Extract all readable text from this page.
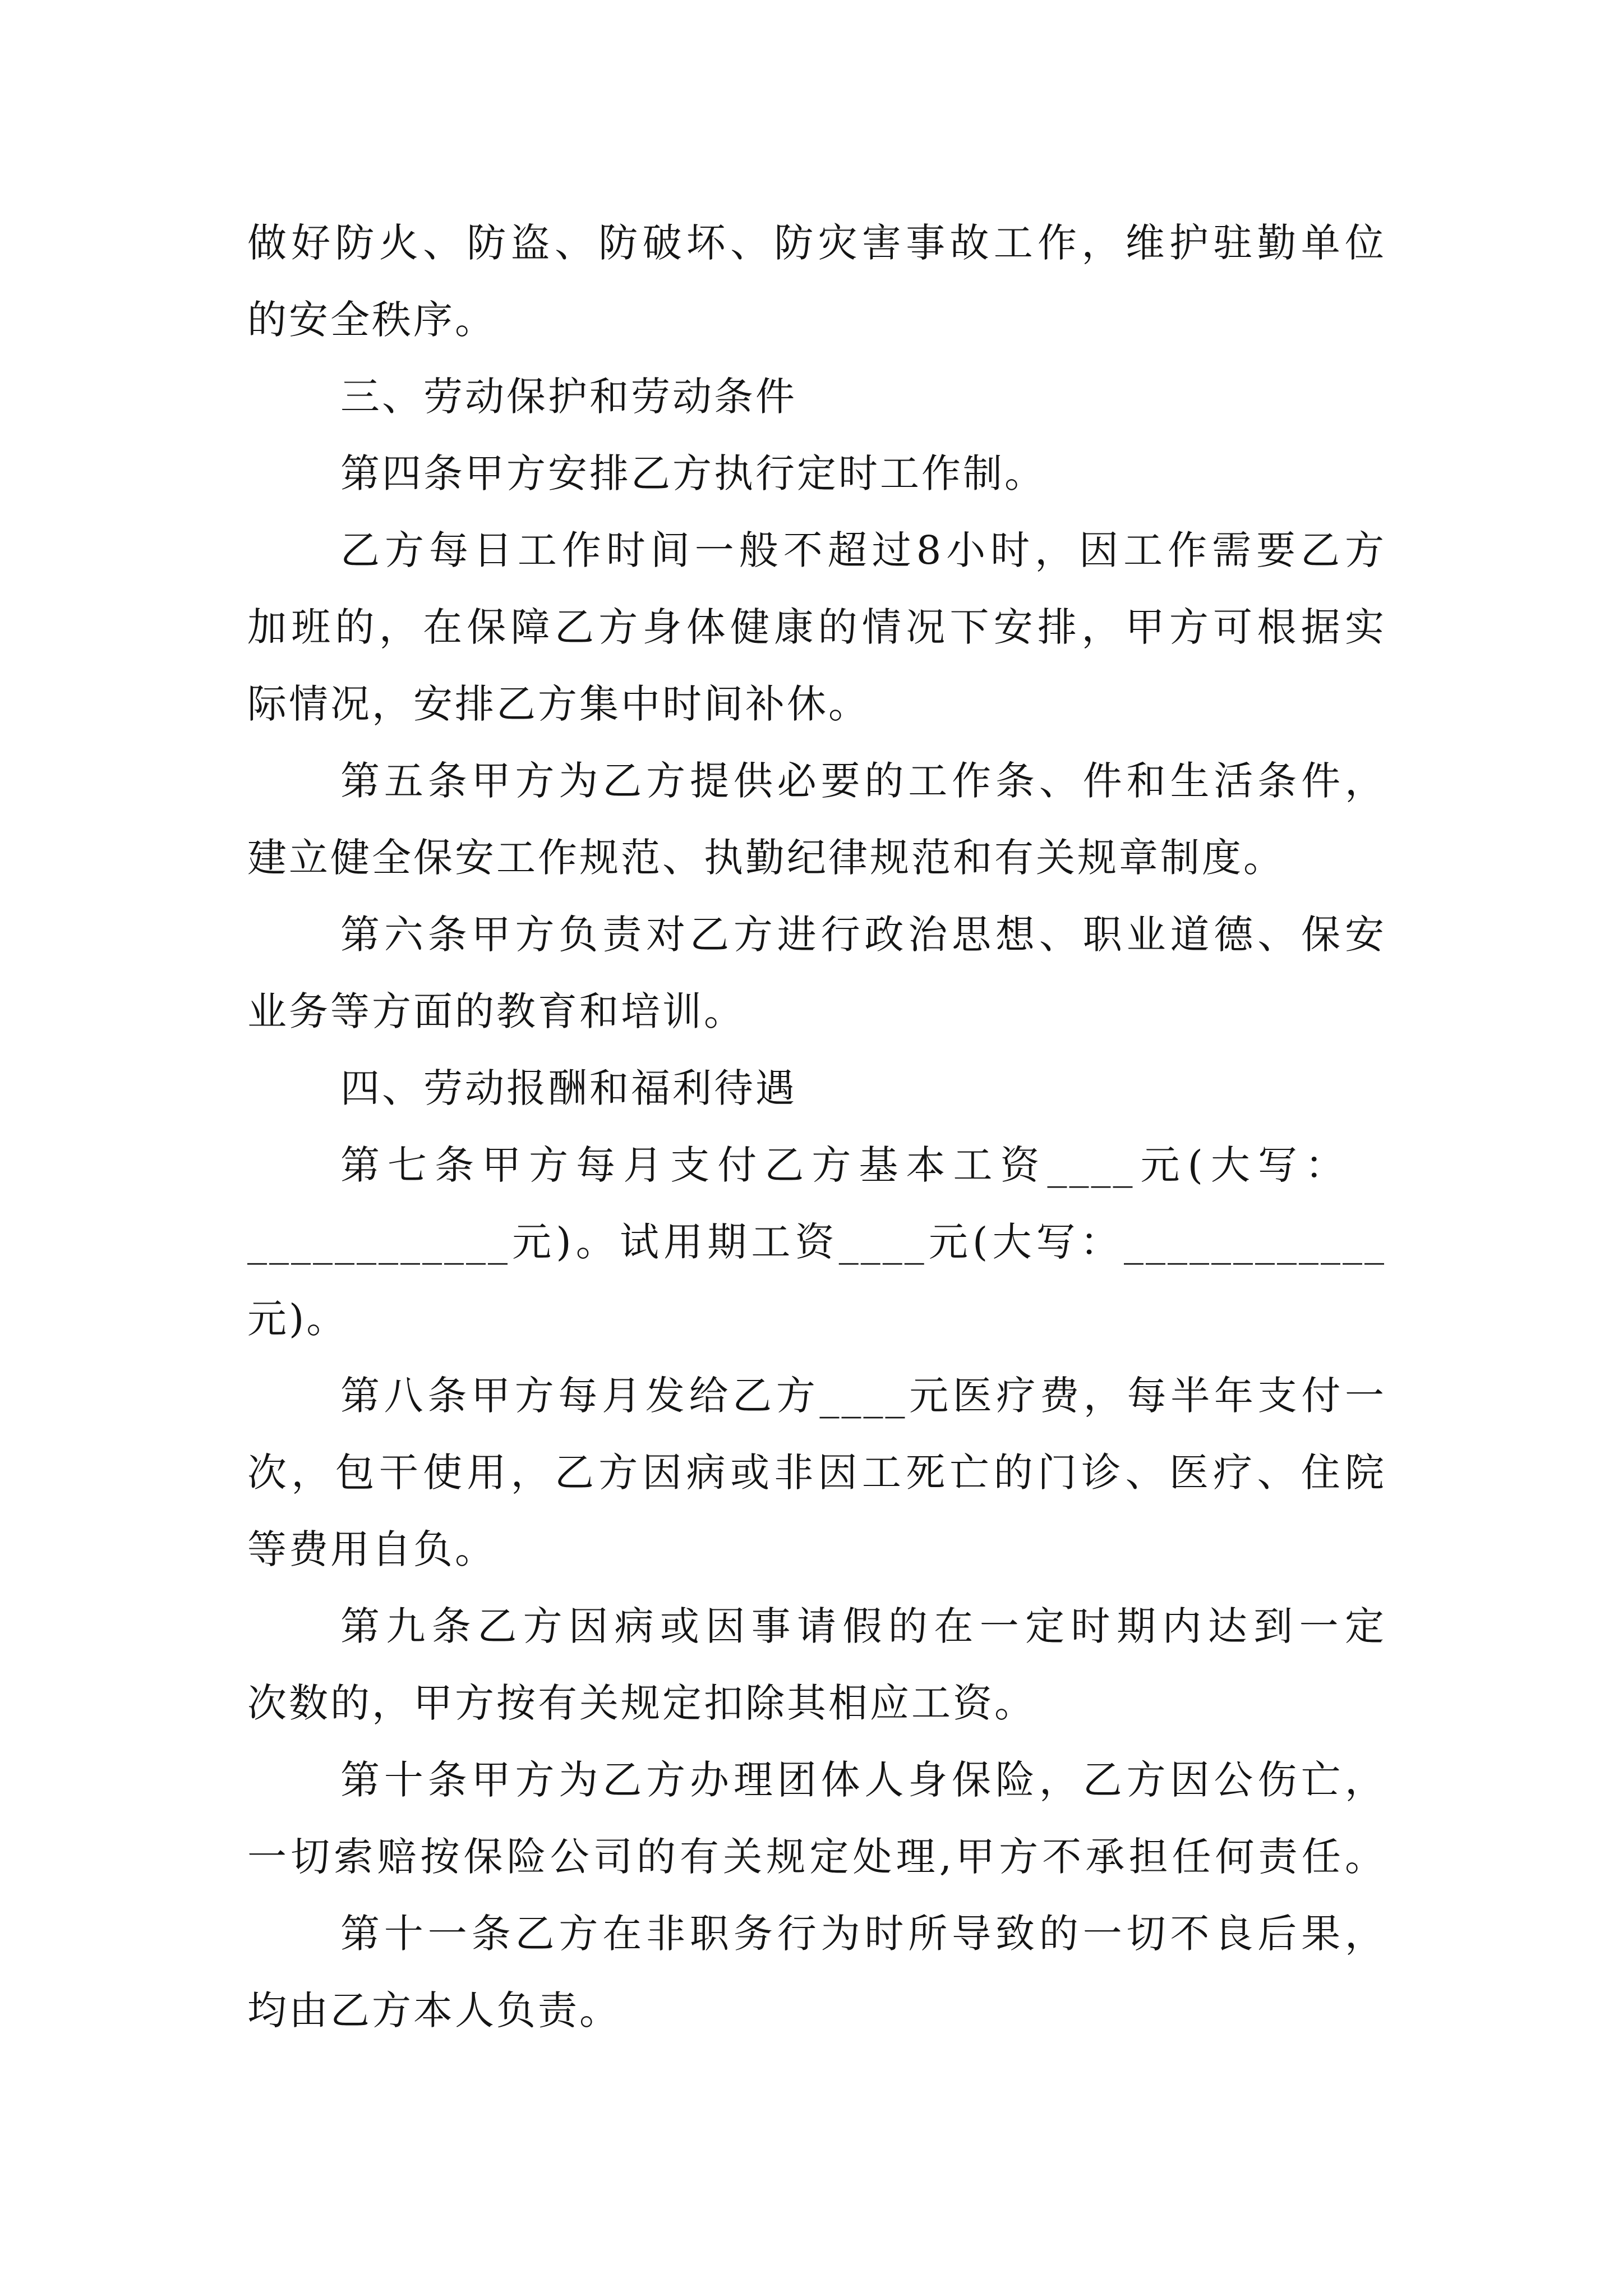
做好防火、防盗、防破坏、防灾害事故工作，维护驻勤单位
的安全秩序。
三、劳动保护和劳动条件
第四条甲方安排乙方执行定时工作制。
乙方每日工作时间一般不超过8小时，因工作需要乙方
加班的，在保障乙方身体健康的情况下安排，甲方可根据实
际情况，安排乙方集中时间补休。
第五条甲方为乙方提供必要的工作条、件和生活条件，
建立健全保安工作规范、执勤纪律规范和有关规章制度。
第六条甲方负责对乙方进行政治思想、职业道德、保安
业务等方面的教育和培训。
四、劳动报酬和福利待遇
第七条甲方每月支付乙方基本工资____元(大写：
____________元)。试用期工资____元(大写：____________
元)。
第八条甲方每月发给乙方____元医疗费，每半年支付一
次，包干使用，乙方因病或非因工死亡的门诊、医疗、住院
等费用自负。
第九条乙方因病或因事请假的在一定时期内达到一定
次数的，甲方按有关规定扣除其相应工资。
第十条甲方为乙方办理团体人身保险，乙方因公伤亡，
一切索赔按保险公司的有关规定处理,甲方不承担任何责任。
第十一条乙方在非职务行为时所导致的一切不良后果，
均由乙方本人负责。
